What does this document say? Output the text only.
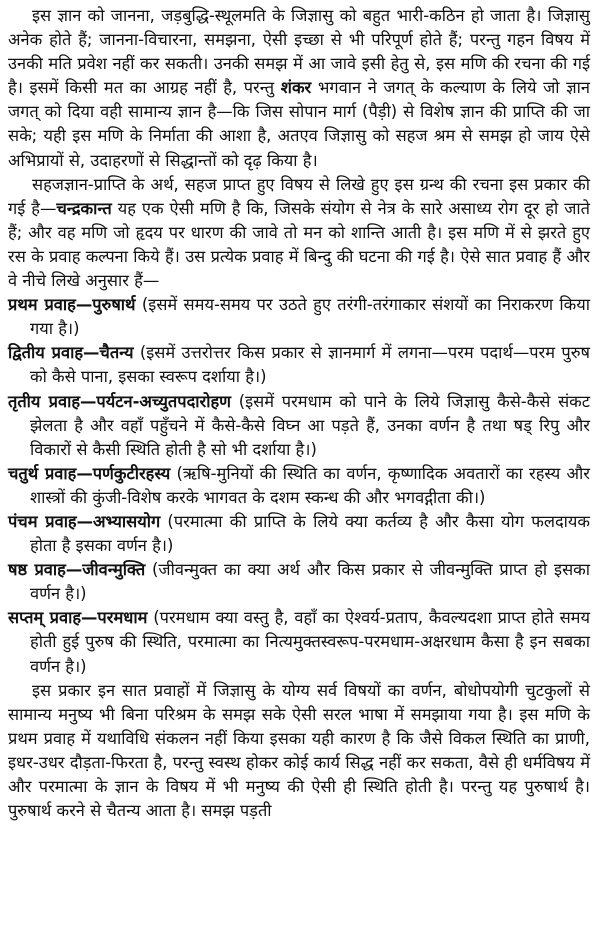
इस ज्ञान को जानना, जड़बुद्धि-स्थूलमति के जिज्ञासु को बहुत भारी-कठिन हो जाता है। जिज्ञासु अनेक होते हैं; जानना-विचारना, समझना, ऐसी इच्छा से भी परिपूर्ण होते हैं; परन्तु गहन विषय में उनकी मति प्रवेश नहीं कर सकती। उनकी समझ में आ जावे इसी हेतु से, इस मणि की रचना की गई है। इसमें किसी मत का आग्रह नहीं है, परन्तु शंकर भगवान ने जगत् के कल्याण के लिये जो ज्ञान जगत् को दिया वही सामान्य ज्ञान है—कि जिस सोपान मार्ग (पैड़ी) से विशेष ज्ञान की प्राप्ति की जा सके; यही इस मणि के निर्माता की आशा है, अतएव जिज्ञासु को सहज श्रम से समझ हो जाय ऐसे अभिप्रायों से, उदाहरणों से सिद्धान्तों को दृढ़ किया है।

सहजज्ञान-प्राप्ति के अर्थ, सहज प्राप्त हुए विषय से लिखे हुए इस ग्रन्थ की रचना इस प्रकार की गई है—चन्द्रकान्त यह एक ऐसी मणि है कि, जिसके संयोग से नेत्र के सारे असाध्य रोग दूर हो जाते हैं; और वह मणि जो हृदय पर धारण की जावे तो मन को शान्ति आती है। इस मणि में से झरते हुए रस के प्रवाह कल्पना किये हैं। उस प्रत्येक प्रवाह में बिन्दु की घटना की गई है। ऐसे सात प्रवाह हैं और वे नीचे लिखे अनुसार हैं—

प्रथम प्रवाह—पुरुषार्थ (इसमें समय-समय पर उठते हुए तरंगी-तरंगाकार संशयों का निराकरण किया गया है।)

द्वितीय प्रवाह—चैतन्य (इसमें उत्तरोत्तर किस प्रकार से ज्ञानमार्ग में लगना—परम पदार्थ—परम पुरुष को कैसे पाना, इसका स्वरूप दर्शाया है।)

तृतीय प्रवाह—पर्यटन-अच्युतपदारोहण (इसमें परमधाम को पाने के लिये जिज्ञासु कैसे-कैसे संकट झेलता है और वहाँ पहुँचने में कैसे-कैसे विघ्न आ पड़ते हैं, उनका वर्णन है तथा षड् रिपु और विकारों से कैसी स्थिति होती है सो भी दर्शाया है।)

चतुर्थ प्रवाह—पर्णकुटीरहस्य (ऋषि-मुनियों की स्थिति का वर्णन, कृष्णादिक अवतारों का रहस्य और शास्त्रों की कुंजी-विशेष करके भागवत के दशम स्कन्ध की और भगवद्गीता की।)

पंचम प्रवाह—अभ्यासयोग (परमात्मा की प्राप्ति के लिये क्या कर्तव्य है और कैसा योग फलदायक होता है इसका वर्णन है।)

षष्ठ प्रवाह—जीवन्मुक्ति (जीवन्मुक्त का क्या अर्थ और किस प्रकार से जीवन्मुक्ति प्राप्त हो इसका वर्णन है।)

सप्तम् प्रवाह—परमधाम (परमधाम क्या वस्तु है, वहाँ का ऐश्वर्य-प्रताप, कैवल्यदशा प्राप्त होते समय होती हुई पुरुष की स्थिति, परमात्मा का नित्यमुक्तस्वरूप-परमधाम-अक्षरधाम कैसा है इन सबका वर्णन है।)

इस प्रकार इन सात प्रवाहों में जिज्ञासु के योग्य सर्व विषयों का वर्णन, बोधोपयोगी चुटकुलों से सामान्य मनुष्य भी बिना परिश्रम के समझ सके ऐसी सरल भाषा में समझाया गया है। इस मणि के प्रथम प्रवाह में यथाविधि संकलन नहीं किया इसका यही कारण है कि जैसे विकल स्थिति का प्राणी, इधर-उधर दौड़ता-फिरता है, परन्तु स्वस्थ होकर कोई कार्य सिद्ध नहीं कर सकता, वैसे ही धर्मविषय में और परमात्मा के ज्ञान के विषय में भी मनुष्य की ऐसी ही स्थिति होती है। परन्तु यह पुरुषार्थ है। पुरुषार्थ करने से चैतन्य आता है। समझ पड़ती
